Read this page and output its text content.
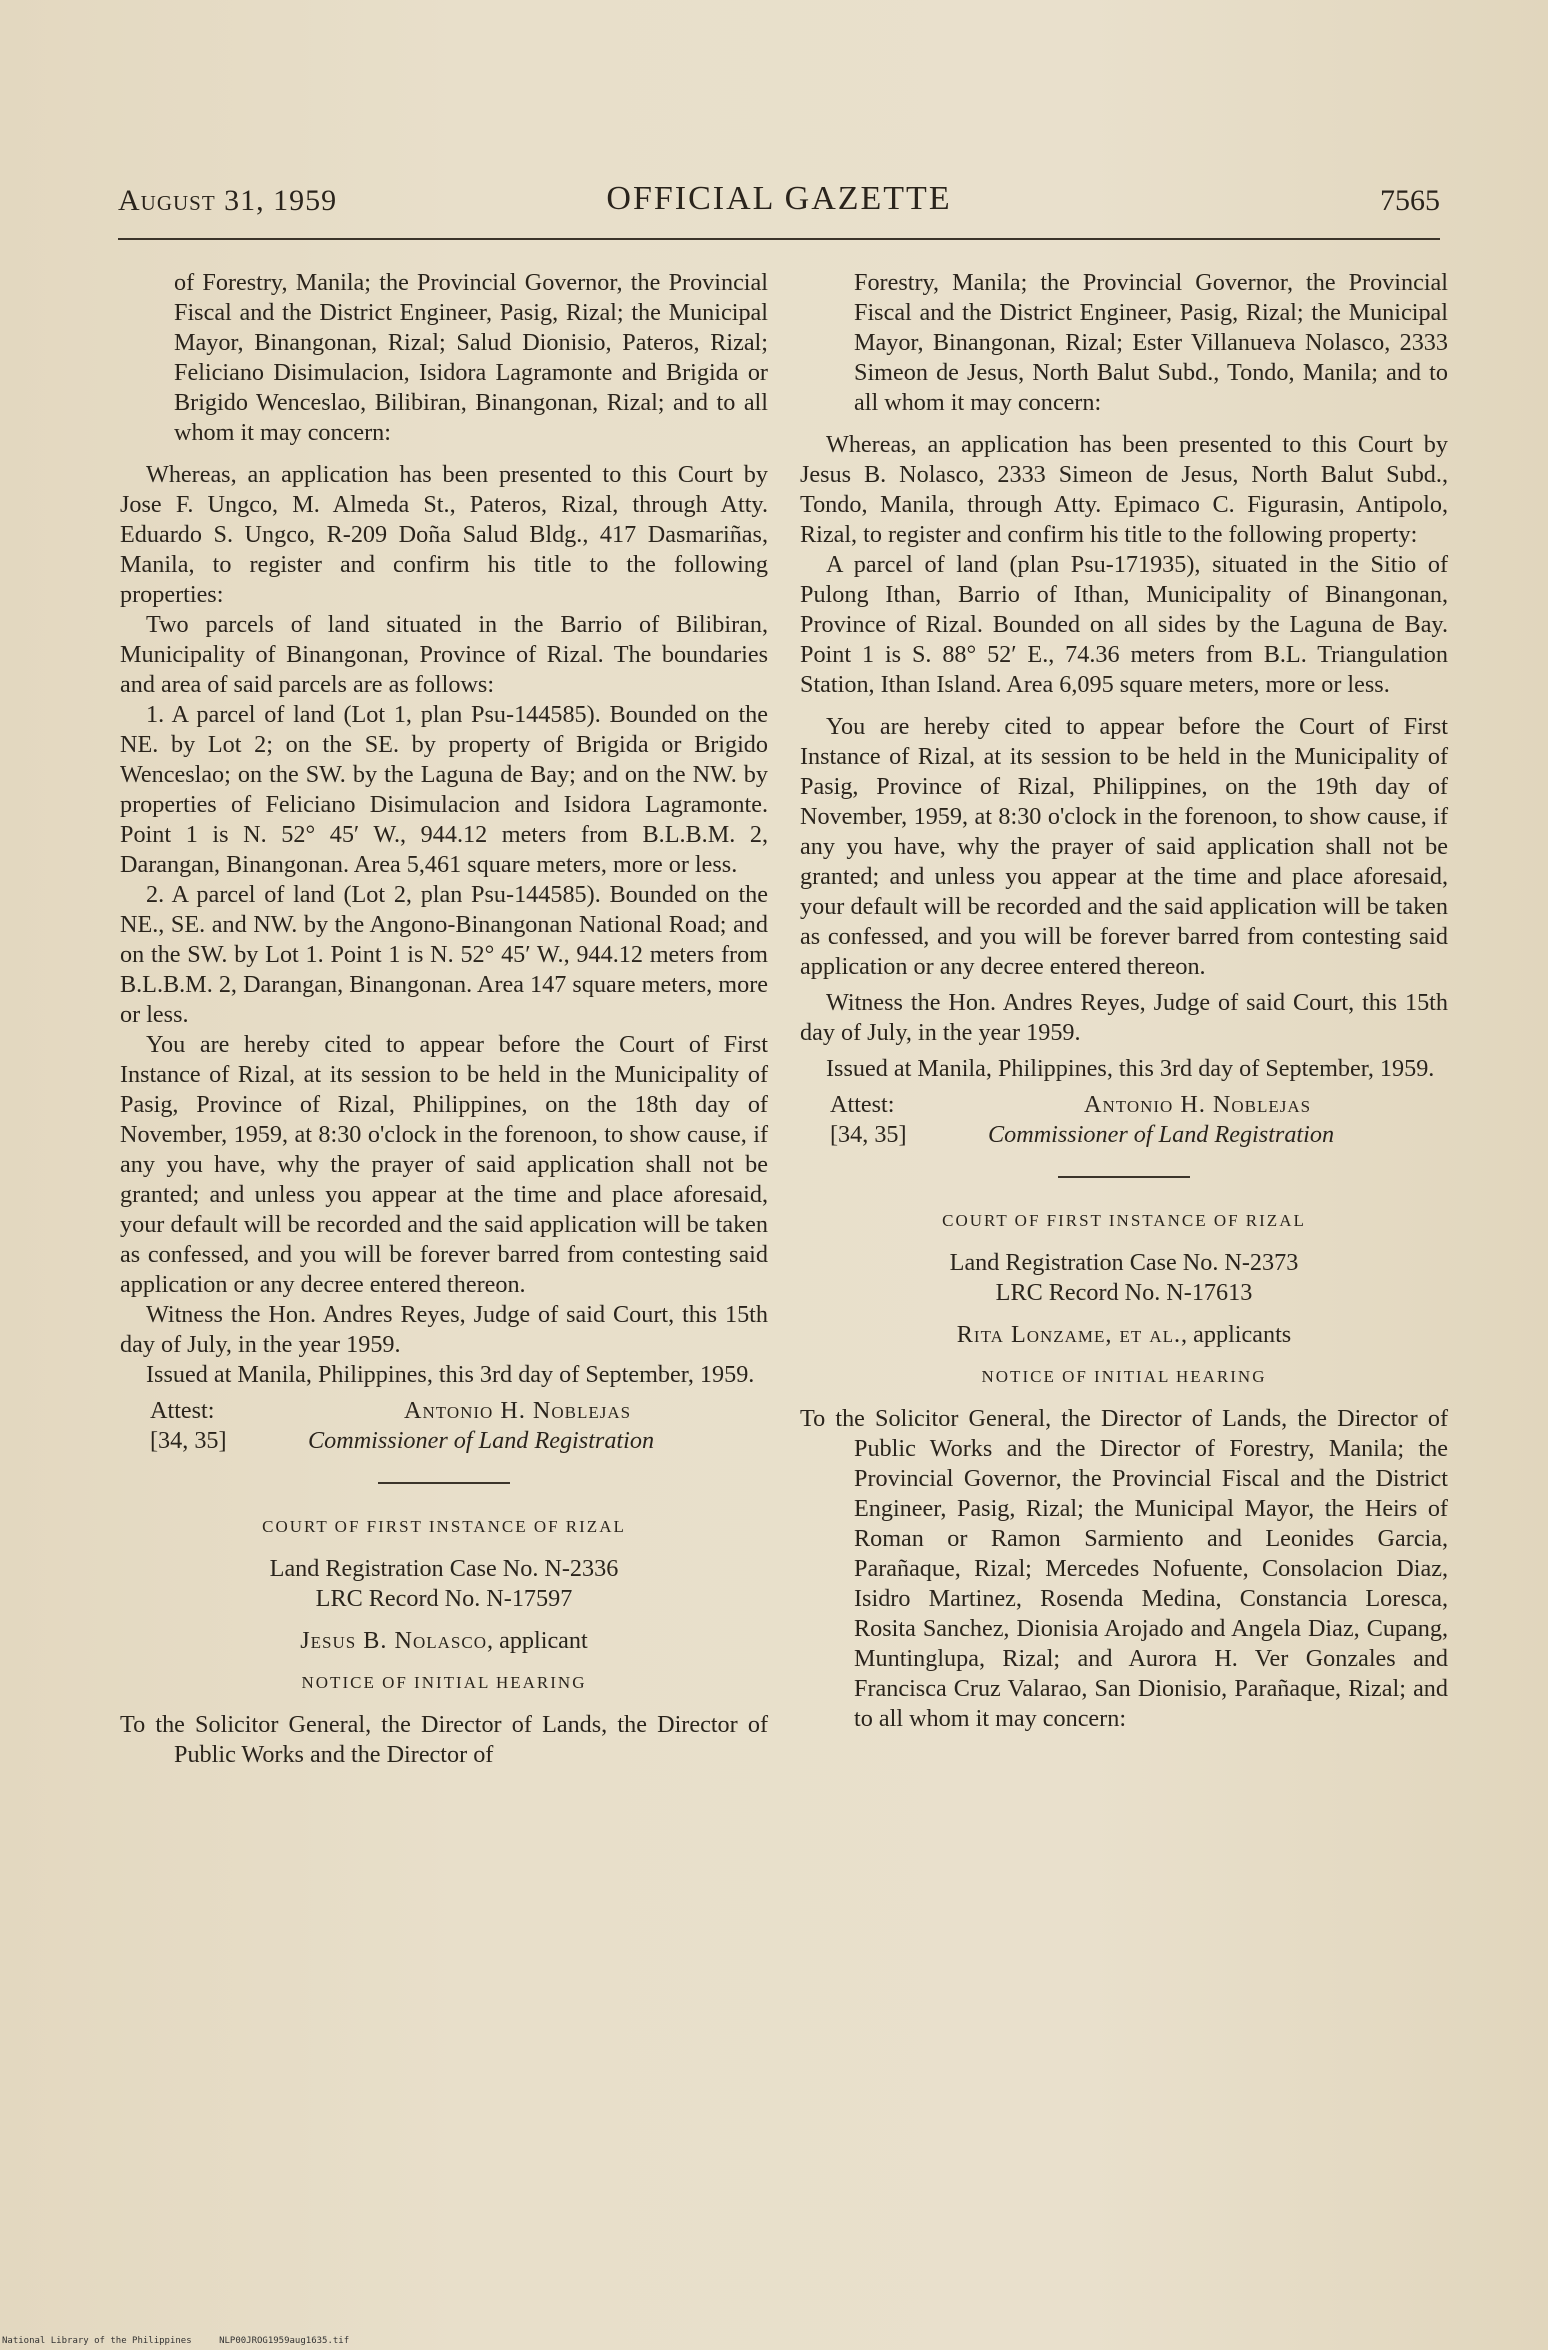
August 31, 1959	OFFICIAL GAZETTE	7565

of Forestry, Manila; the Provincial Governor, the Provincial Fiscal and the District Engineer, Pasig, Rizal; the Municipal Mayor, Binangonan, Rizal; Salud Dionisio, Pateros, Rizal; Feliciano Disimulacion, Isidora Lagramonte and Brigida or Brigido Wenceslao, Bilibiran, Binangonan, Rizal; and to all whom it may concern:

Whereas, an application has been presented to this Court by Jose F. Ungco, M. Almeda St., Pateros, Rizal, through Atty. Eduardo S. Ungco, R-209 Doña Salud Bldg., 417 Dasmariñas, Manila, to register and confirm his title to the following properties:

Two parcels of land situated in the Barrio of Bilibiran, Municipality of Binangonan, Province of Rizal. The boundaries and area of said parcels are as follows:

1. A parcel of land (Lot 1, plan Psu-144585). Bounded on the NE. by Lot 2; on the SE. by property of Brigida or Brigido Wenceslao; on the SW. by the Laguna de Bay; and on the NW. by properties of Feliciano Disimulacion and Isidora Lagramonte. Point 1 is N. 52° 45′ W., 944.12 meters from B.L.B.M. 2, Darangan, Binangonan. Area 5,461 square meters, more or less.

2. A parcel of land (Lot 2, plan Psu-144585). Bounded on the NE., SE. and NW. by the Angono-Binangonan National Road; and on the SW. by Lot 1. Point 1 is N. 52° 45′ W., 944.12 meters from B.L.B.M. 2, Darangan, Binangonan. Area 147 square meters, more or less.

You are hereby cited to appear before the Court of First Instance of Rizal, at its session to be held in the Municipality of Pasig, Province of Rizal, Philippines, on the 18th day of November, 1959, at 8:30 o'clock in the forenoon, to show cause, if any you have, why the prayer of said application shall not be granted; and unless you appear at the time and place aforesaid, your default will be recorded and the said application will be taken as confessed, and you will be forever barred from contesting said application or any decree entered thereon.

Witness the Hon. Andres Reyes, Judge of said Court, this 15th day of July, in the year 1959.

Issued at Manila, Philippines, this 3rd day of September, 1959.

Attest:	Antonio H. Noblejas
[34, 35]	Commissioner of Land Registration

COURT OF FIRST INSTANCE OF RIZAL

Land Registration Case No. N-2336

LRC Record No. N-17597

Jesus B. Nolasco, applicant

NOTICE OF INITIAL HEARING

To the Solicitor General, the Director of Lands, the Director of Public Works and the Director of

Forestry, Manila; the Provincial Governor, the Provincial Fiscal and the District Engineer, Pasig, Rizal; the Municipal Mayor, Binangonan, Rizal; Ester Villanueva Nolasco, 2333 Simeon de Jesus, North Balut Subd., Tondo, Manila; and to all whom it may concern:

Whereas, an application has been presented to this Court by Jesus B. Nolasco, 2333 Simeon de Jesus, North Balut Subd., Tondo, Manila, through Atty. Epimaco C. Figurasin, Antipolo, Rizal, to register and confirm his title to the following property:

A parcel of land (plan Psu-171935), situated in the Sitio of Pulong Ithan, Barrio of Ithan, Municipality of Binangonan, Province of Rizal. Bounded on all sides by the Laguna de Bay. Point 1 is S. 88° 52′ E., 74.36 meters from B.L. Triangulation Station, Ithan Island. Area 6,095 square meters, more or less.

You are hereby cited to appear before the Court of First Instance of Rizal, at its session to be held in the Municipality of Pasig, Province of Rizal, Philippines, on the 19th day of November, 1959, at 8:30 o'clock in the forenoon, to show cause, if any you have, why the prayer of said application shall not be granted; and unless you appear at the time and place aforesaid, your default will be recorded and the said application will be taken as confessed, and you will be forever barred from contesting said application or any decree entered thereon.

Witness the Hon. Andres Reyes, Judge of said Court, this 15th day of July, in the year 1959.

Issued at Manila, Philippines, this 3rd day of September, 1959.

Attest:	Antonio H. Noblejas
[34, 35]	Commissioner of Land Registration

COURT OF FIRST INSTANCE OF RIZAL

Land Registration Case No. N-2373

LRC Record No. N-17613

Rita Lonzame, et al., applicants

NOTICE OF INITIAL HEARING

To the Solicitor General, the Director of Lands, the Director of Public Works and the Director of Forestry, Manila; the Provincial Governor, the Provincial Fiscal and the District Engineer, Pasig, Rizal; the Municipal Mayor, the Heirs of Roman or Ramon Sarmiento and Leonides Garcia, Parañaque, Rizal; Mercedes Nofuente, Consolacion Diaz, Isidro Martinez, Rosenda Medina, Constancia Loresca, Rosita Sanchez, Dionisia Arojado and Angela Diaz, Cupang, Muntinglupa, Rizal; and Aurora H. Ver Gonzales and Francisca Cruz Valarao, San Dionisio, Parañaque, Rizal; and to all whom it may concern:

National Library of the Philippines	NLP00JROG1959aug1635.tif
